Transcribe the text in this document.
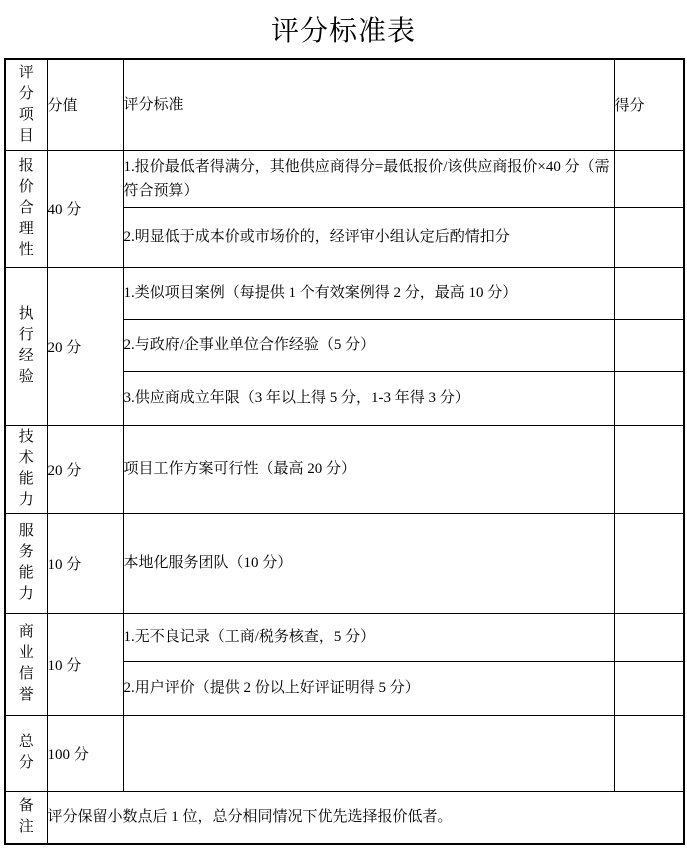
评分标准表
评分项目	分值	评分标准	得分

报价合理性	40 分	1.报价最低者得满分，其他供应商得分=最低报价/该供应商报价×40 分（需符合预算）	
		2.明显低于成本价或市场价的，经评审小组认定后酌情扣分	

执行经验	20 分	1.类似项目案例（每提供 1 个有效案例得 2 分，最高 10 分）	
		2.与政府/企事业单位合作经验（5 分）	
		3.供应商成立年限（3 年以上得 5 分，1-3 年得 3 分）	

技术能力	20 分	项目工作方案可行性（最高 20 分）	

服务能力	10 分	本地化服务团队（10 分）	

商业信誉	10 分	1.无不良记录（工商/税务核查，5 分）	
		2.用户评价（提供 2 份以上好评证明得 5 分）	

总分	100 分		

备注	评分保留小数点后 1 位，总分相同情况下优先选择报价低者。		
